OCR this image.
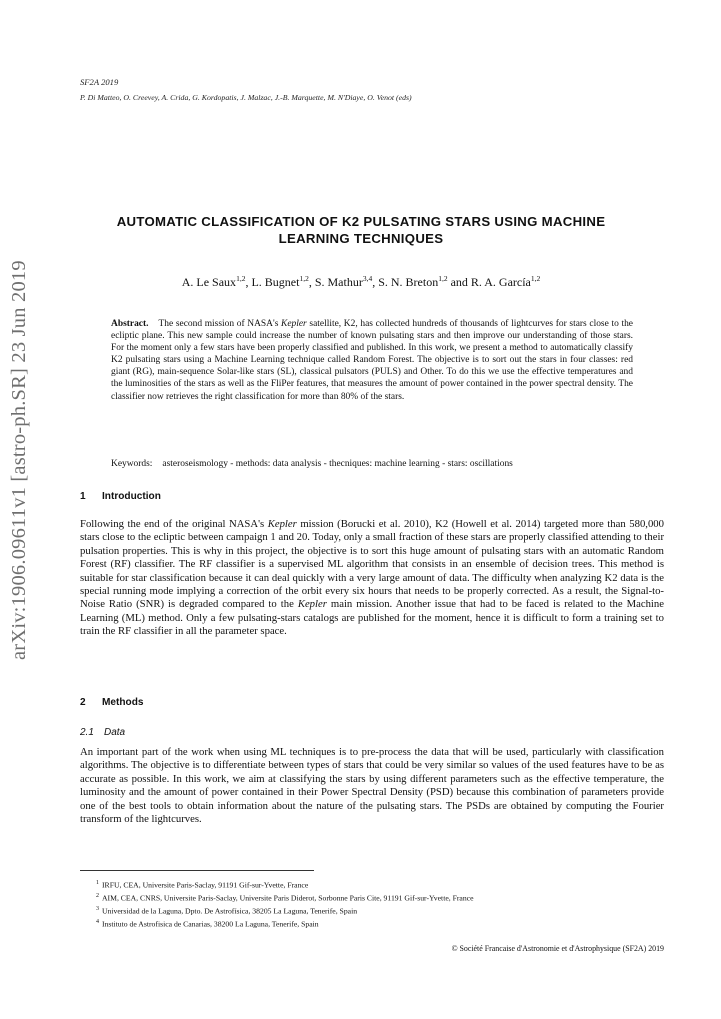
arXiv:1906.09611v1 [astro-ph.SR] 23 Jun 2019
SF2A 2019
P. Di Matteo, O. Creevey, A. Crida, G. Kordopatis, J. Malzac, J.-B. Marquette, M. N'Diaye, O. Venot (eds)
AUTOMATIC CLASSIFICATION OF K2 PULSATING STARS USING MACHINE LEARNING TECHNIQUES
A. Le Saux$^{1,2}$, L. Bugnet$^{1,2}$, S. Mathur$^{3,4}$, S. N. Breton$^{1,2}$ and R. A. García$^{1,2}$
Abstract. The second mission of NASA's Kepler satellite, K2, has collected hundreds of thousands of lightcurves for stars close to the ecliptic plane. This new sample could increase the number of known pulsating stars and then improve our understanding of those stars. For the moment only a few stars have been properly classified and published. In this work, we present a method to automatically classify K2 pulsating stars using a Machine Learning technique called Random Forest. The objective is to sort out the stars in four classes: red giant (RG), main-sequence Solar-like stars (SL), classical pulsators (PULS) and Other. To do this we use the effective temperatures and the luminosities of the stars as well as the FliPer features, that measures the amount of power contained in the power spectral density. The classifier now retrieves the right classification for more than 80% of the stars.
Keywords: asteroseismology - methods: data analysis - thecniques: machine learning - stars: oscillations
1 Introduction
Following the end of the original NASA's Kepler mission (Borucki et al. 2010), K2 (Howell et al. 2014) targeted more than 580,000 stars close to the ecliptic between campaign 1 and 20. Today, only a small fraction of these stars are properly classified attending to their pulsation properties. This is why in this project, the objective is to sort this huge amount of pulsating stars with an automatic Random Forest (RF) classifier. The RF classifier is a supervised ML algorithm that consists in an ensemble of decision trees. This method is suitable for star classification because it can deal quickly with a very large amount of data. The difficulty when analyzing K2 data is the special running mode implying a correction of the orbit every six hours that needs to be properly corrected. As a result, the Signal-to-Noise Ratio (SNR) is degraded compared to the Kepler main mission. Another issue that had to be faced is related to the Machine Learning (ML) method. Only a few pulsating-stars catalogs are published for the moment, hence it is difficult to form a training set to train the RF classifier in all the parameter space.
2 Methods
2.1 Data
An important part of the work when using ML techniques is to pre-process the data that will be used, particularly with classification algorithms. The objective is to differentiate between types of stars that could be very similar so values of the used features have to be as accurate as possible. In this work, we aim at classifying the stars by using different parameters such as the effective temperature, the luminosity and the amount of power contained in their Power Spectral Density (PSD) because this combination of parameters provide one of the best tools to obtain information about the nature of the pulsating stars. The PSDs are obtained by computing the Fourier transform of the lightcurves.
$^1$ IRFU, CEA, Universite Paris-Saclay, 91191 Gif-sur-Yvette, France
$^2$ AIM, CEA, CNRS, Universite Paris-Saclay, Universite Paris Diderot, Sorbonne Paris Cite, 91191 Gif-sur-Yvette, France
$^3$ Universidad de la Laguna, Dpto. De Astrofísica, 38205 La Laguna, Tenerife, Spain
$^4$ Instituto de Astrofisica de Canarias, 38200 La Laguna, Tenerife, Spain
© Société Francaise d'Astronomie et d'Astrophysique (SF2A) 2019
